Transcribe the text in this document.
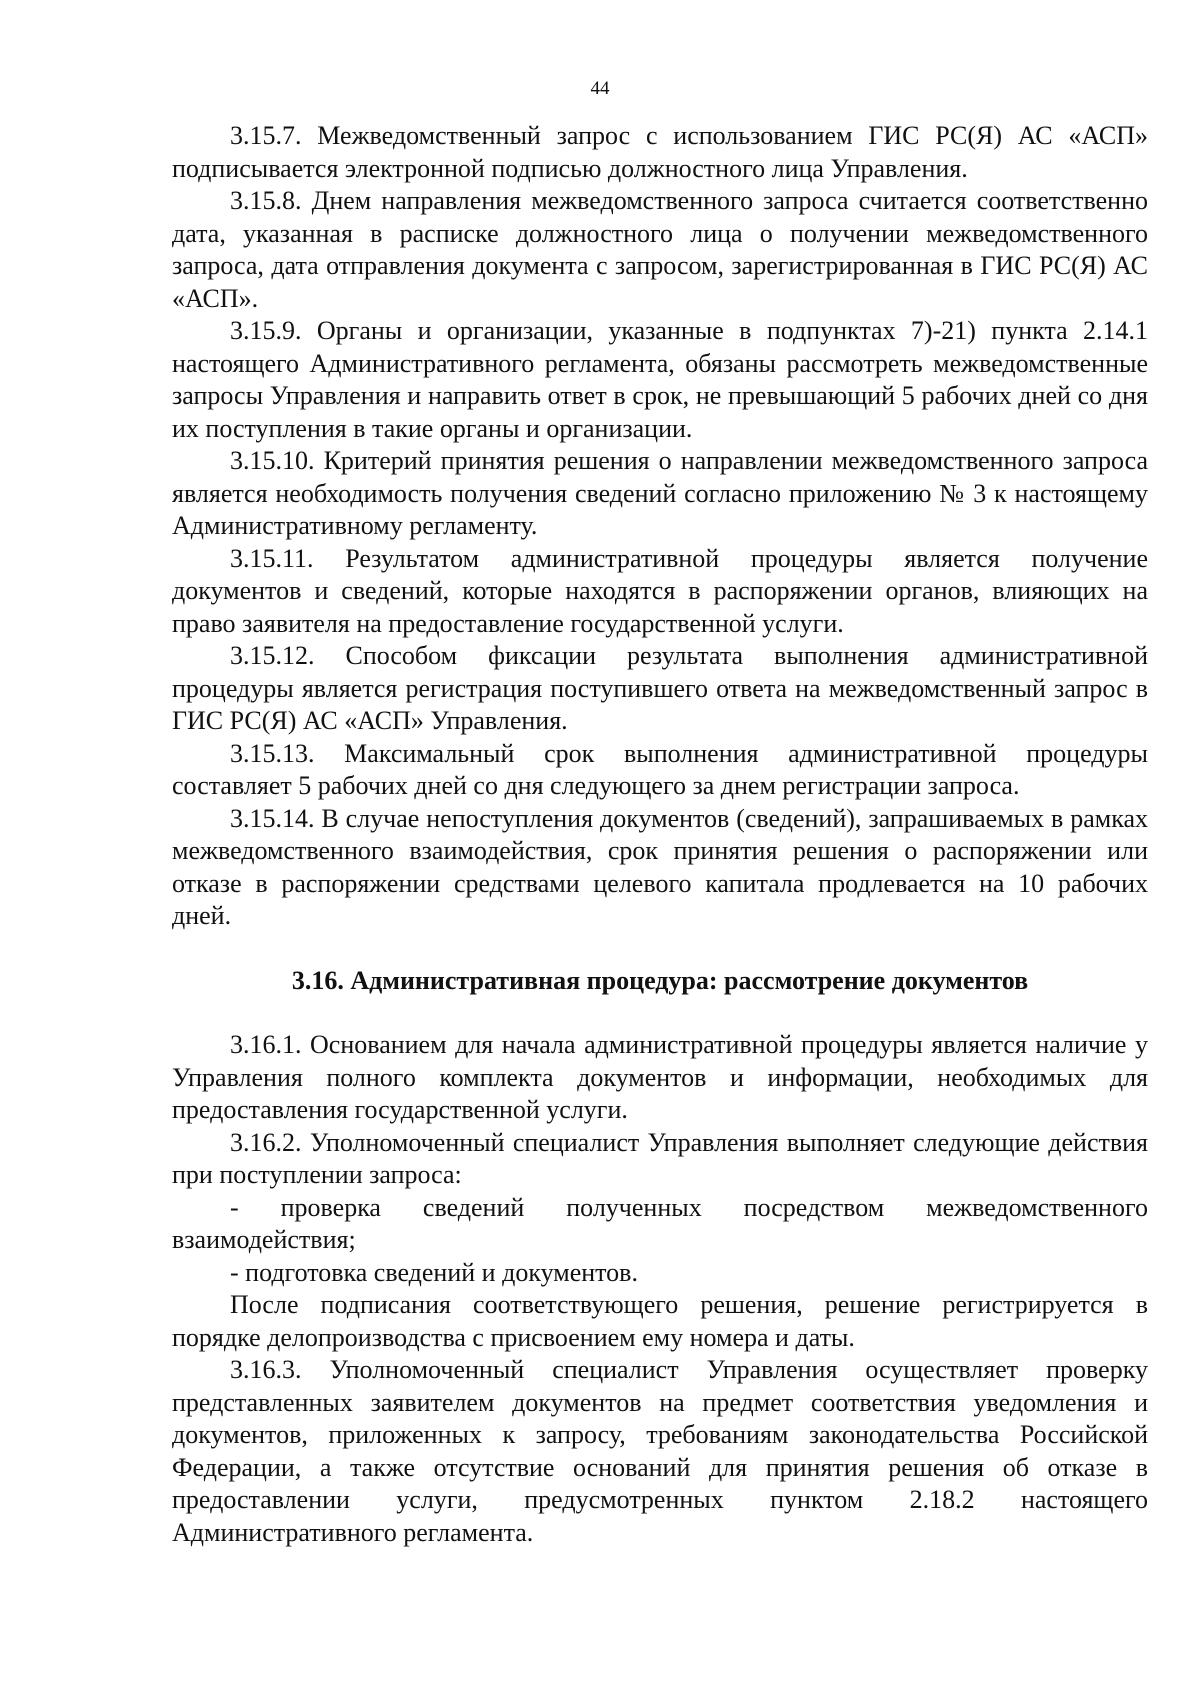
44

3.15.7. Межведомственный запрос с использованием ГИС РС(Я) АС «АСП» подписывается электронной подписью должностного лица Управления.

3.15.8. Днем направления межведомственного запроса считается соответственно дата, указанная в расписке должностного лица о получении межведомственного запроса, дата отправления документа с запросом, зарегистрированная в ГИС РС(Я) АС «АСП».

3.15.9. Органы и организации, указанные в подпунктах 7)-21) пункта 2.14.1 настоящего Административного регламента, обязаны рассмотреть межведомственные запросы Управления и направить ответ в срок, не превышающий 5 рабочих дней со дня их поступления в такие органы и организации.

3.15.10. Критерий принятия решения о направлении межведомственного запроса является необходимость получения сведений согласно приложению № 3 к настоящему Административному регламенту.

3.15.11. Результатом административной процедуры является получение документов и сведений, которые находятся в распоряжении органов, влияющих на право заявителя на предоставление государственной услуги.

3.15.12. Способом фиксации результата выполнения административной процедуры является регистрация поступившего ответа на межведомственный запрос в ГИС РС(Я) АС «АСП» Управления.

3.15.13. Максимальный срок выполнения административной процедуры составляет 5 рабочих дней со дня следующего за днем регистрации запроса.

3.15.14. В случае непоступления документов (сведений), запрашиваемых в рамках межведомственного взаимодействия, срок принятия решения о распоряжении или отказе в распоряжении средствами целевого капитала продлевается на 10 рабочих дней.

3.16. Административная процедура: рассмотрение документов

3.16.1. Основанием для начала административной процедуры является наличие у Управления полного комплекта документов и информации, необходимых для предоставления государственной услуги.

3.16.2. Уполномоченный специалист Управления выполняет следующие действия при поступлении запроса:

- проверка сведений полученных посредством межведомственного взаимодействия;

- подготовка сведений и документов.

После подписания соответствующего решения, решение регистрируется в порядке делопроизводства с присвоением ему номера и даты.

3.16.3. Уполномоченный специалист Управления осуществляет проверку представленных заявителем документов на предмет соответствия уведомления и документов, приложенных к запросу, требованиям законодательства Российской Федерации, а также отсутствие оснований для принятия решения об отказе в предоставлении услуги, предусмотренных пунктом 2.18.2 настоящего Административного регламента.
